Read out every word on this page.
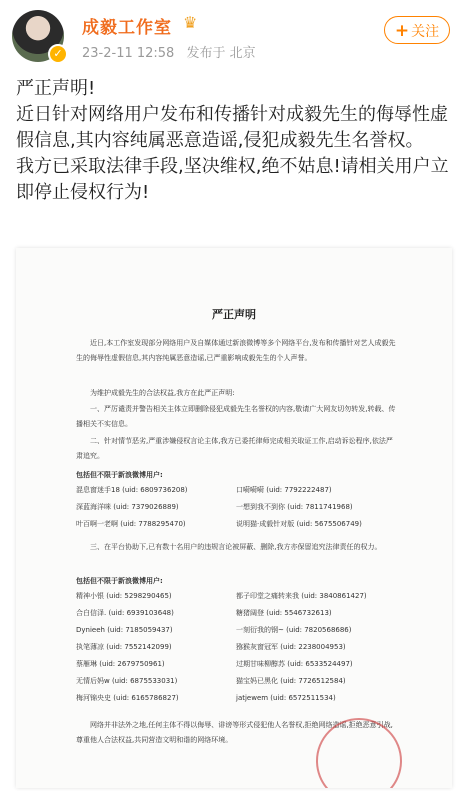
✓
成毅工作室 ♛
23-2-11 12:58 发布于 北京
+ 关注

严正声明!

近日针对网络用户发布和传播针对成毅先生的侮辱性虚假信息,其内容纯属恶意造谣,侵犯成毅先生名誉权。

我方已采取法律手段,坚决维权,绝不姑息!请相关用户立即停止侵权行为!

严正声明
近日,本工作室发现部分网络用户及自媒体通过新浪微博等多个网络平台,发布和传播针对艺人成毅先生的侮辱性虚假信息,其内容纯属恶意造谣,已严重影响成毅先生的个人声誉。
为维护成毅先生的合法权益,我方在此严正声明:
一、严厉谴责并警告相关主体立即删除侵犯成毅先生名誉权的内容,敬请广大网友切勿转发,转载、传播相关不实信息。
二、针对情节恶劣,严重涉嫌侵权言论主体,我方已委托律师完成相关取证工作,启动诉讼程序,依法严肃追究。
包括但不限于新浪微博用户:
混息窗迷手18 (uid: 6809736208)	口嗬嗬嗬 (uid: 7792222487)
深蓝海洋咪 (uid: 7379026889)	一想到我不到你 (uid: 7811741968)
叶百啊一老啊 (uid: 7788295470)	说明猫·成毅针对版 (uid: 5675506749)
三、在平台协助下,已有数十名用户的违规言论被屏蔽、删除,我方亦保留追究法律责任的权力。
包括但不限于新浪微博用户:
精神小银 (uid: 5298290465)	都子印堂之痛转来我 (uid: 3840861427)
合白信泽. (uid: 6939103648)	糖猪阔登 (uid: 5546732613)
Dynieeh (uid: 7185059437)	一刻衍我的钢~ (uid: 7820568686)
执笔薄凉 (uid: 7552142099)	猕猴灰窗冠军 (uid: 2238004953)
蔡雁琳 (uid: 2679750961)	过期甘味柳醇苏 (uid: 6533524497)
无情后妈w (uid: 6875533031)	猫宝妈已黑化 (uid: 7726512584)
梅河锦央史 (uid: 6165786827)	jatjewem (uid: 6572511534)
网络并非法外之地,任何主体不得以侮辱、诽谤等形式侵犯他人名誉权,拒绝网络造谣,拒绝恶意引战,尊重他人合法权益,共同营造文明和谐的网络环境。
